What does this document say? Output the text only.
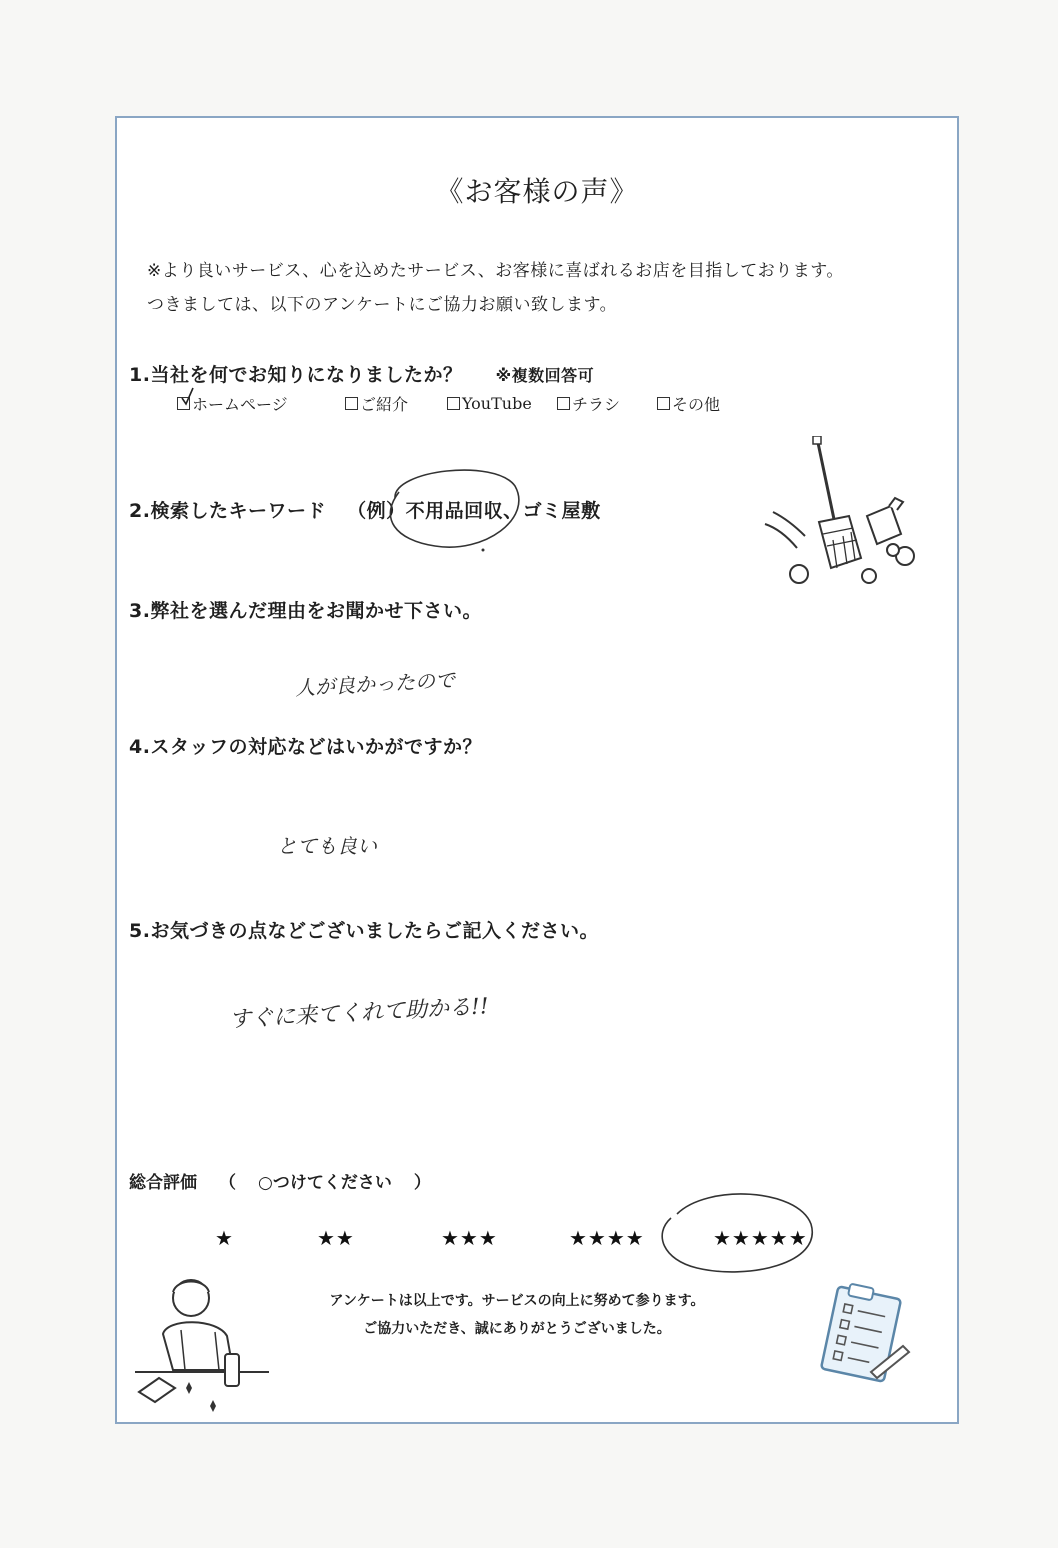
《お客様の声》
※より良いサービス、心を込めたサービス、お客様に喜ばれるお店を目指しております。
つきましては、以下のアンケートにご協力お願い致します。
1.当社を何でお知りになりましたか？ ※複数回答可
ホームページ	ご紹介	YouTube	チラシ	その他
2.検索したキーワード （例）不用品回収、ゴミ屋敷
3.弊社を選んだ理由をお聞かせ下さい。
人が良かったので
4.スタッフの対応などはいかがですか？
とても良い
5.お気づきの点などございましたらご記入ください。
すぐに来てくれて助かる!!
総合評価 （ ○つけてください ）
★	★★	★★★	★★★★	★★★★★
アンケートは以上です。サービスの向上に努めて参ります。
ご協力いただき、誠にありがとうございました。
